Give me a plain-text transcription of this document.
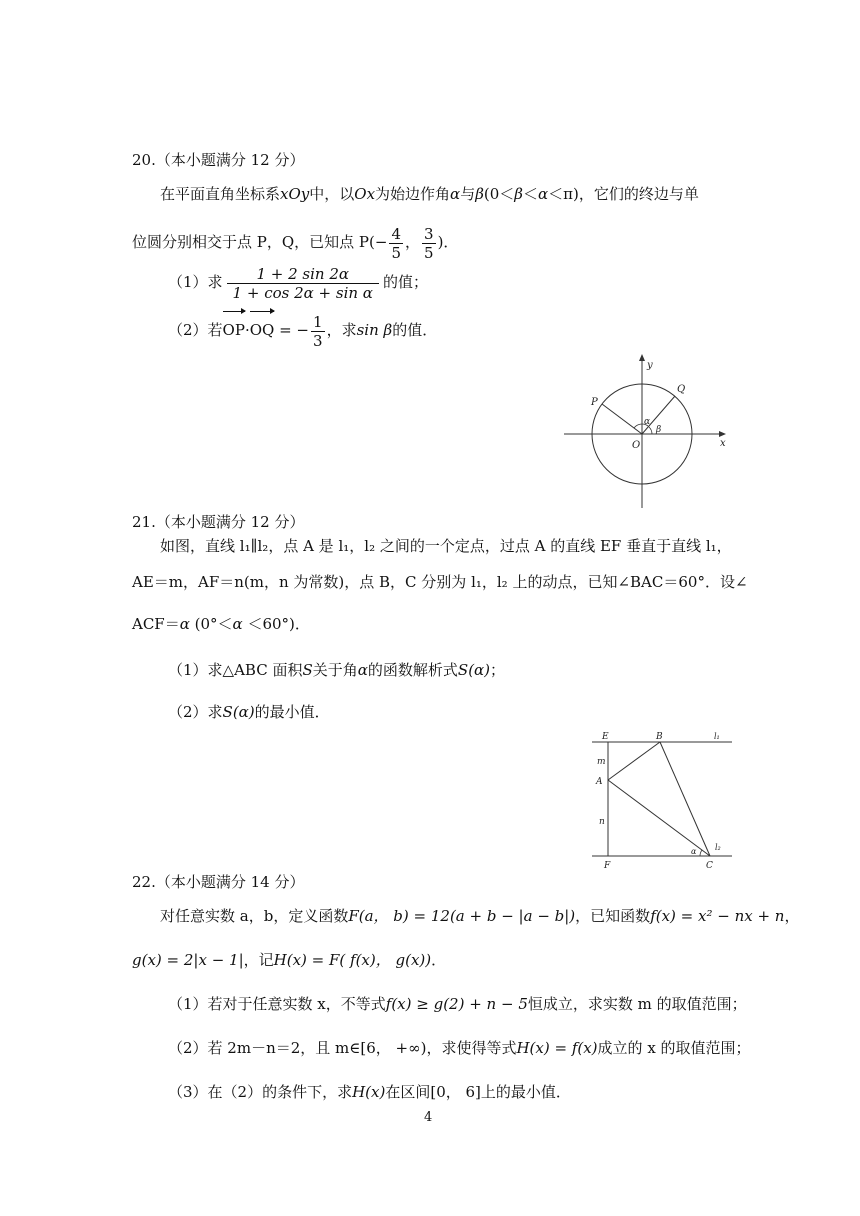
20.（本小题满分 12 分）
在平面直角坐标系xOy中，以Ox为始边作角α与β(0＜β＜α＜π)，它们的终边与单
位圆分别相交于点 P，Q，已知点 $P(- \frac{4}{5}$ ， $\frac{3}{5}$ )．
（1）求 $\frac{1 + 2 \sin 2\alpha}{\text{1 + cos 2α + sin α}}$ 的值；
（2）若OP·OQ = − $\frac{1}{3}$ ，求sin β的值．
y
x
O
P
Q
α
β
21.（本小题满分 12 分）
如图，直线 l₁∥l₂，点 A 是 l₁，l₂ 之间的一个定点，过点 A 的直线 EF 垂直于直线 l₁，
AE＝m，AF＝n(m，n 为常数)，点 B，C 分别为 l₁，l₂ 上的动点，已知∠BAC＝60°．设∠
ACF＝α (0°＜α ＜60°)．
（1）求△ABC 面积S关于角α的函数解析式S(α)；
（2）求S(α)的最小值．
E	B	l₁
m
A
n
l₂
F
α
C
22.（本小题满分 14 分）
对任意实数 a，b，定义函数F(a， b) = 12(a + b − |a − b|)，已知函数f(x) = x² − nx + n，
g(x) = 2|x − 1|，记H(x) = F( f(x)， g(x))．
（1）若对于任意实数 x，不等式f(x) ≥ g(2) + n − 5恒成立，求实数 m 的取值范围；
（2）若 2m－n＝2，且 m∈[6， +∞)，求使得等式H(x) = f(x)成立的 x 的取值范围；
（3）在（2）的条件下，求H(x)在区间[0， 6]上的最小值．
4
